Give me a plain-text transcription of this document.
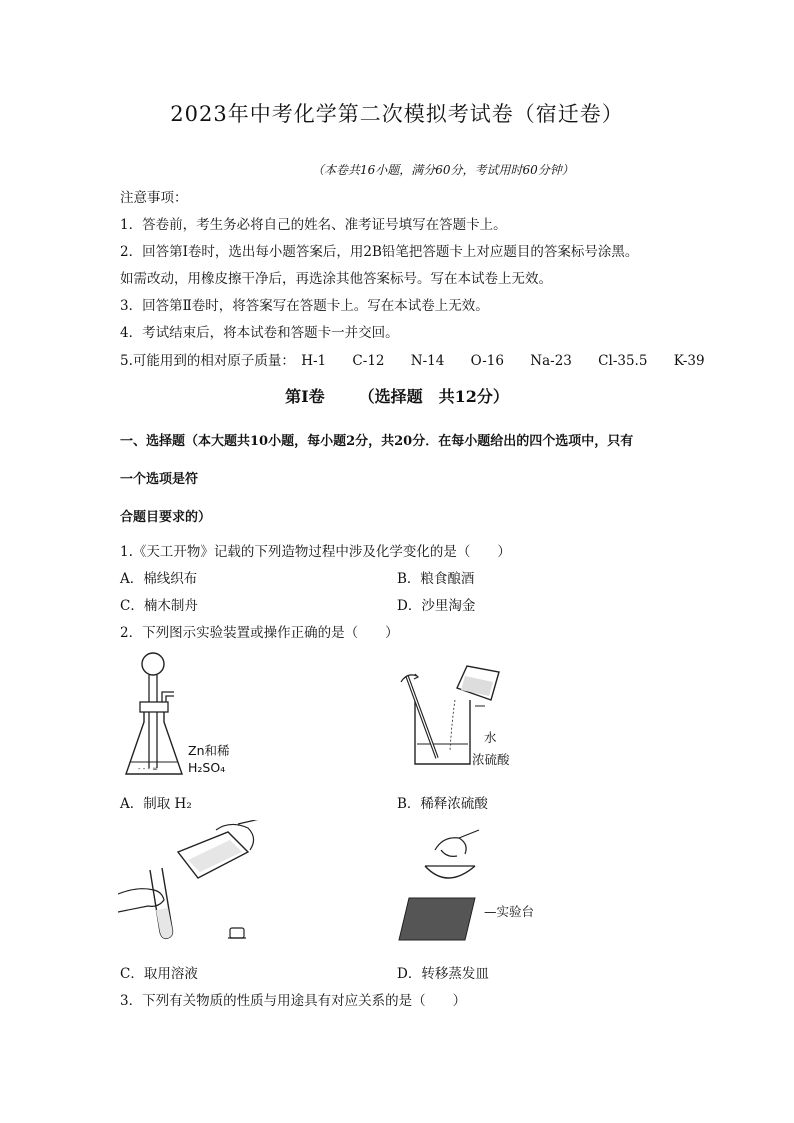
2023年中考化学第二次模拟考试卷（宿迁卷）
（本卷共16小题，满分60分，考试用时60分钟）
注意事项：
1．答卷前，考生务必将自己的姓名、准考证号填写在答题卡上。
2．回答第Ⅰ卷时，选出每小题答案后，用2B铅笔把答题卡上对应题目的答案标号涂黑。
如需改动，用橡皮擦干净后，再选涂其他答案标号。写在本试卷上无效。
3．回答第Ⅱ卷时，将答案写在答题卡上。写在本试卷上无效。
4．考试结束后，将本试卷和答题卡一并交回。
5.可能用到的相对原子质量： H-1 C-12 N-14 O-16 Na-23 Cl-35.5 K-39
第Ⅰ卷 （选择题　共12分）
一、选择题（本大题共10小题，每小题2分，共20分．在每小题给出的四个选项中，只有
一个选项是符
合题目要求的）
1.《天工开物》记载的下列造物过程中涉及化学变化的是（　　）
A．棉线织布	B．粮食酿酒
C．楠木制舟	D．沙里淘金
2．下列图示实验装置或操作正确的是（　　）
- - - ∞
Zn和稀
H₂SO₄
水
浓硫酸
A．制取 H₂	B．稀释浓硫酸
—实验台
C．取用溶液	D．转移蒸发皿
3．下列有关物质的性质与用途具有对应关系的是（　　）
